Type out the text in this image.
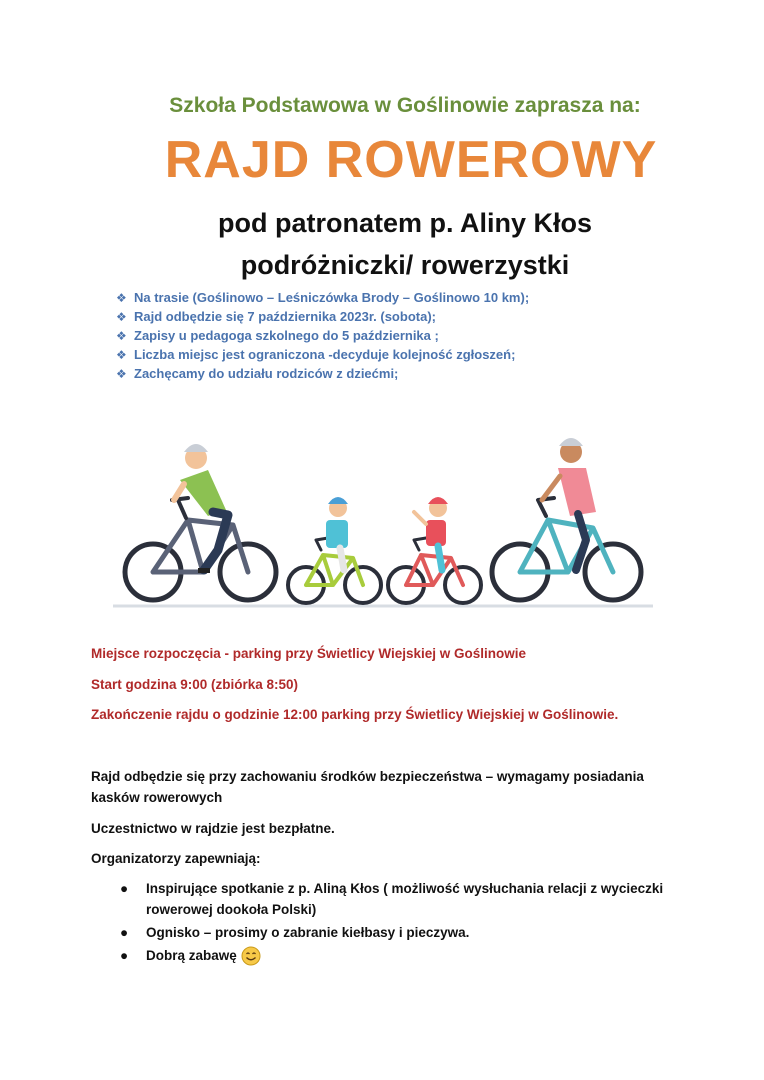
Szkoła Podstawowa w Goślinowie zaprasza na:
RAJD ROWEROWY
pod patronatem p. Aliny Kłos
podróżniczki/ rowerzystki
❖ Na trasie (Goślinowo – Leśniczówka Brody – Goślinowo 10 km);
❖ Rajd odbędzie się 7 października 2023r. (sobota);
❖ Zapisy u pedagoga szkolnego do 5 października ;
❖ Liczba miejsc jest ograniczona -decyduje kolejność zgłoszeń;
❖ Zachęcamy do udziału rodziców z dziećmi;
Miejsce rozpoczęcia - parking przy Świetlicy Wiejskiej w Goślinowie
Start godzina 9:00 (zbiórka 8:50)
Zakończenie rajdu o godzinie 12:00 parking przy Świetlicy Wiejskiej w Goślinowie.
Rajd odbędzie się przy zachowaniu środków bezpieczeństwa – wymagamy posiadania kasków rowerowych
Uczestnictwo w rajdzie jest bezpłatne.
Organizatorzy zapewniają:
● Inspirujące spotkanie z p. Aliną Kłos ( możliwość wysłuchania relacji z wycieczki rowerowej dookoła Polski)
● Ognisko – prosimy o zabranie kiełbasy i pieczywa.
● Dobrą zabawę
